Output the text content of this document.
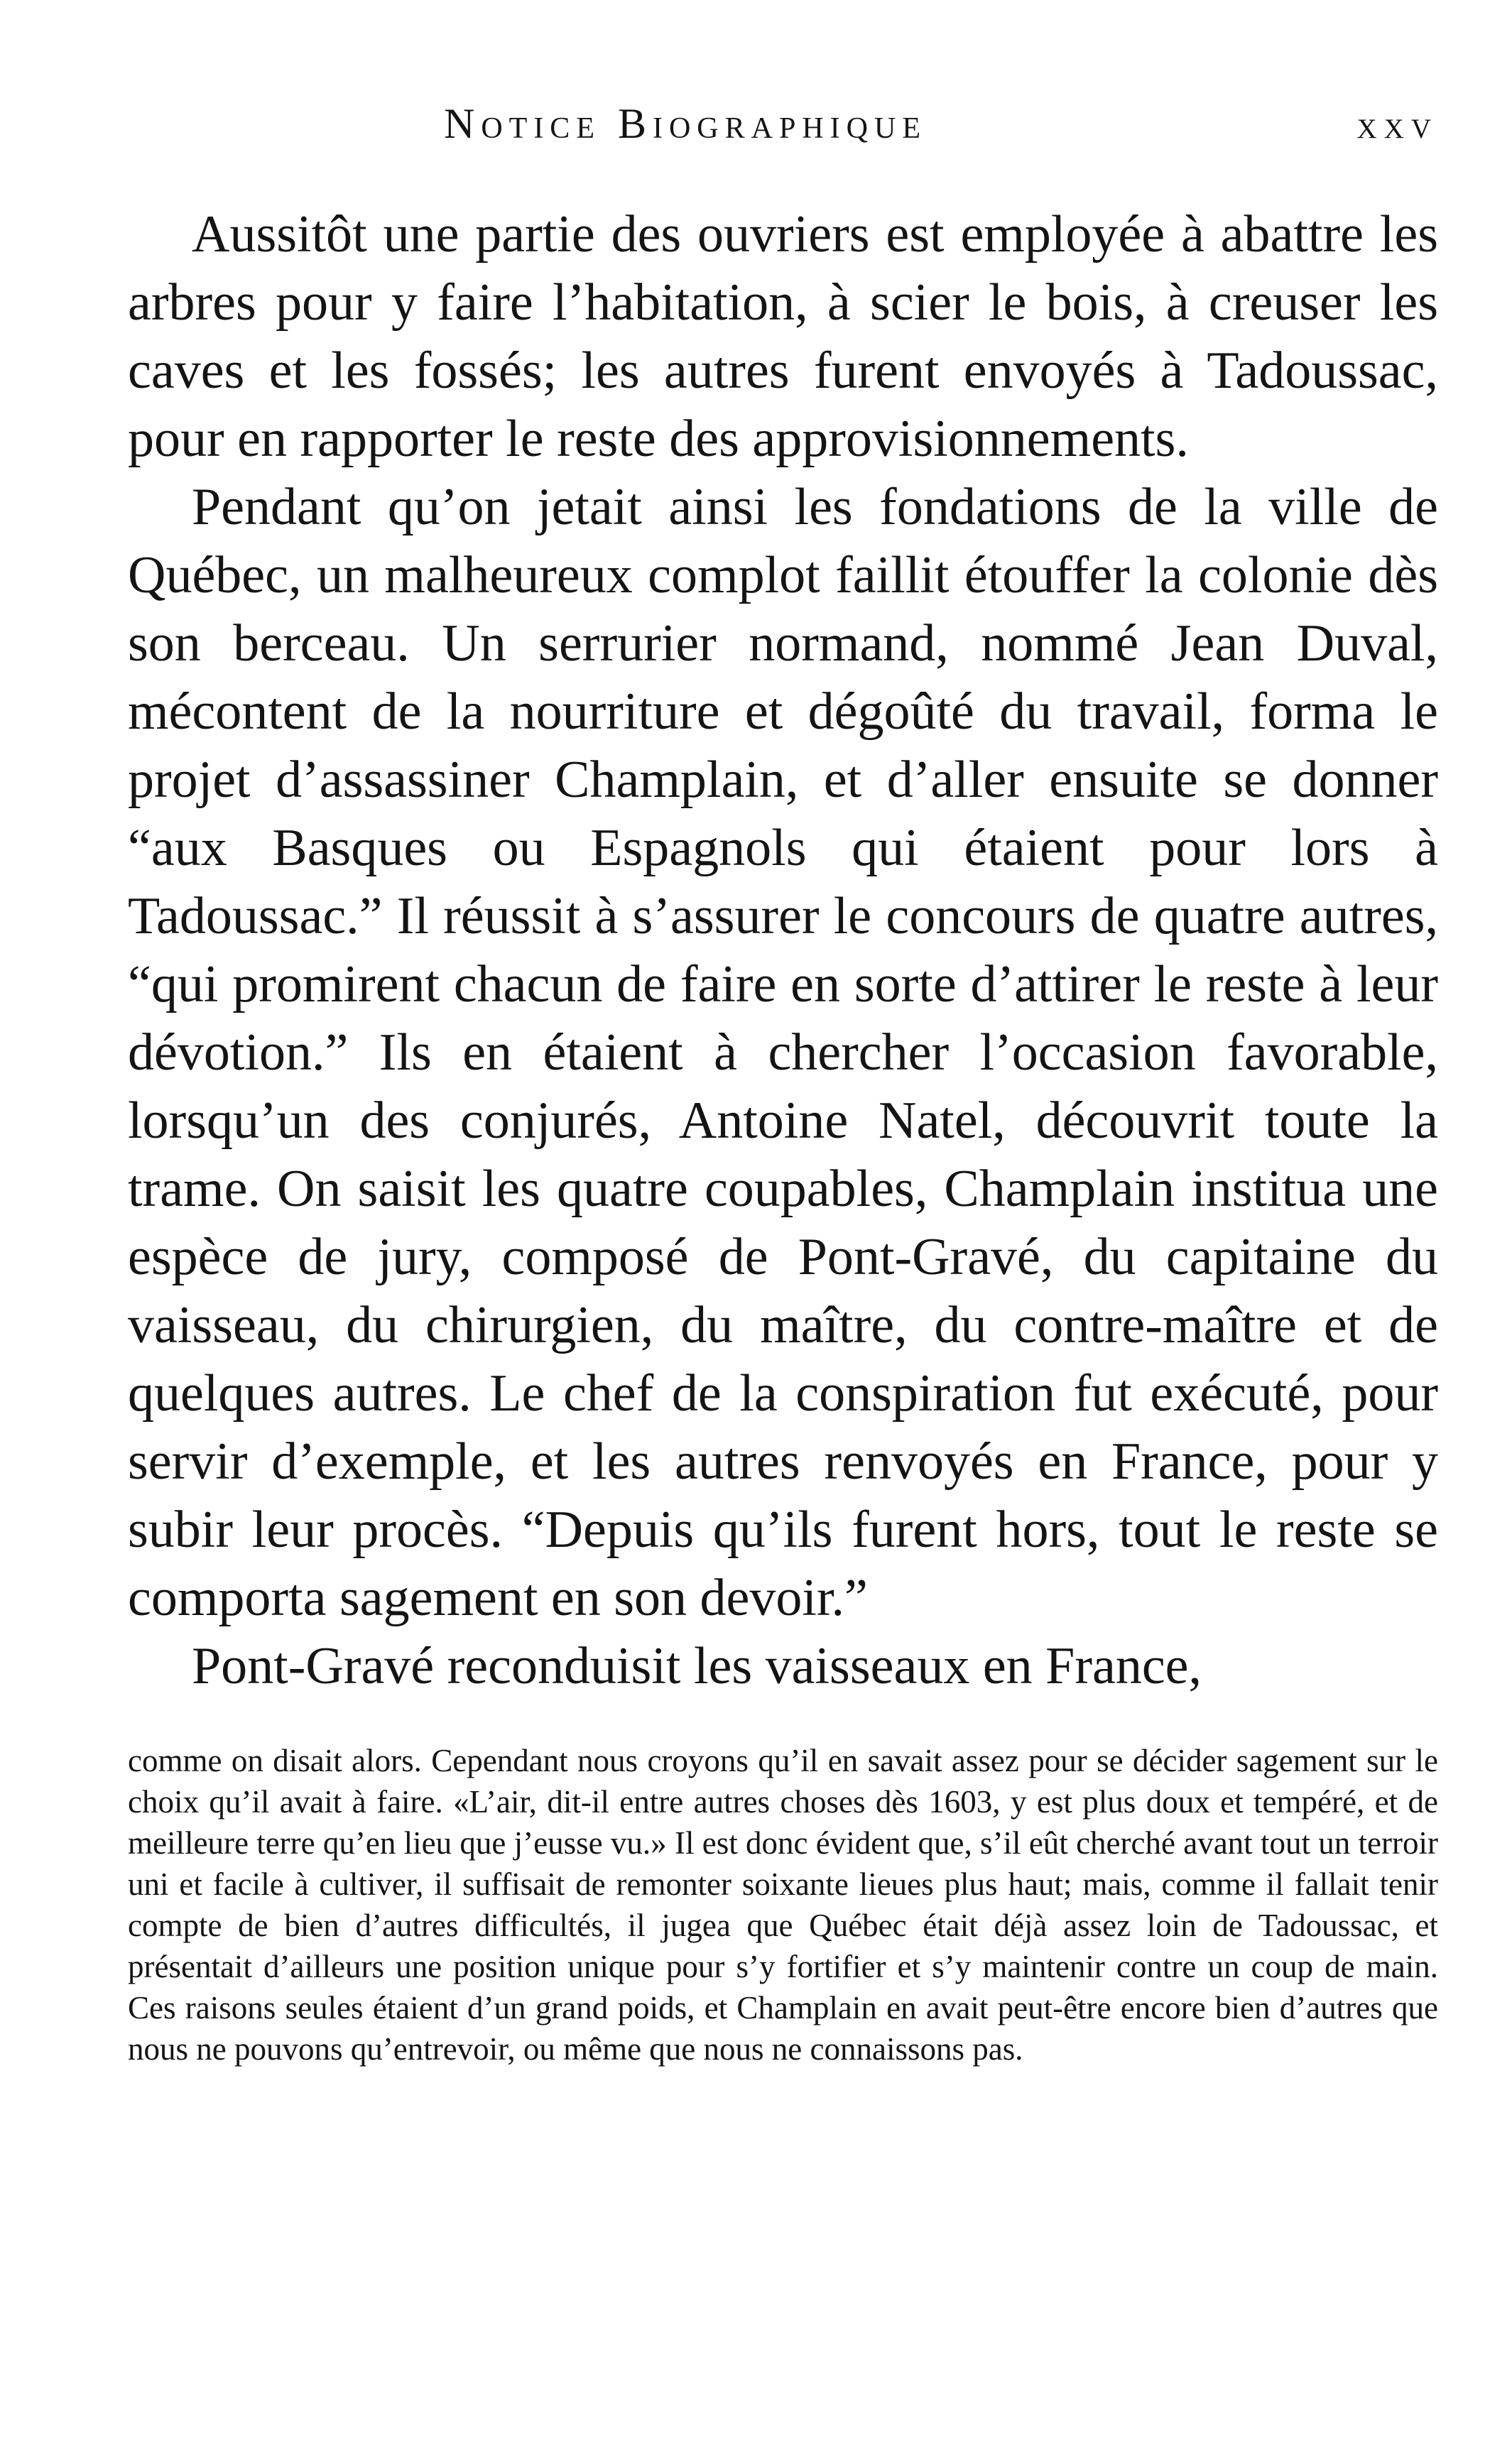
Notice Biographique	xxv

Aussitôt une partie des ouvriers est employée à abattre les arbres pour y faire l’habitation, à scier le bois, à creuser les caves et les fossés; les autres furent envoyés à Tadoussac, pour en rapporter le reste des approvisionnements.

Pendant qu’on jetait ainsi les fondations de la ville de Québec, un malheureux complot faillit étouffer la colonie dès son berceau. Un serrurier normand, nommé Jean Duval, mécontent de la nourriture et dégoûté du travail, forma le projet d’assassiner Champlain, et d’aller ensuite se donner “aux Basques ou Espagnols qui étaient pour lors à Tadoussac.” Il réussit à s’assurer le concours de quatre autres, “qui promirent chacun de faire en sorte d’attirer le reste à leur dévotion.” Ils en étaient à chercher l’occasion favorable, lorsqu’un des conjurés, Antoine Natel, découvrit toute la trame. On saisit les quatre coupables, Champlain institua une espèce de jury, composé de Pont-Gravé, du capitaine du vaisseau, du chirurgien, du maître, du contre-maître et de quelques autres. Le chef de la conspiration fut exécuté, pour servir d’exemple, et les autres renvoyés en France, pour y subir leur procès. “Depuis qu’ils furent hors, tout le reste se comporta sagement en son devoir.”

Pont-Gravé reconduisit les vaisseaux en France,

comme on disait alors. Cependant nous croyons qu’il en savait assez pour se décider sagement sur le choix qu’il avait à faire. «L’air, dit-il entre autres choses dès 1603, y est plus doux et tempéré, et de meilleure terre qu’en lieu que j’eusse vu.» Il est donc évident que, s’il eût cherché avant tout un terroir uni et facile à cultiver, il suffisait de remonter soixante lieues plus haut; mais, comme il fallait tenir compte de bien d’autres difficultés, il jugea que Québec était déjà assez loin de Tadoussac, et présentait d’ailleurs une position unique pour s’y fortifier et s’y maintenir contre un coup de main. Ces raisons seules étaient d’un grand poids, et Champlain en avait peut-être encore bien d’autres que nous ne pouvons qu’entrevoir, ou même que nous ne connaissons pas.
